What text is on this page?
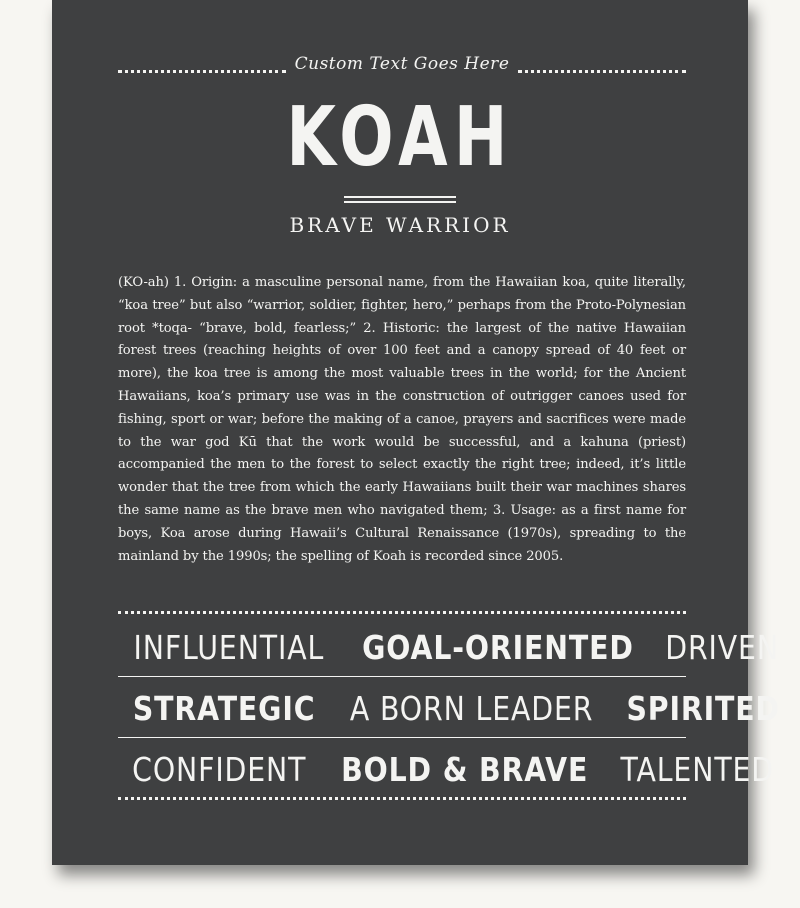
Custom Text Goes Here
KOAH
BRAVE WARRIOR
(KO-ah) 1. Origin: a masculine personal name, from the Hawaiian koa, quite literally, “koa tree” but also “warrior, soldier, fighter, hero,” perhaps from the Proto-Polynesian root *toqa- “brave, bold, fearless;” 2. Historic: the largest of the native Hawaiian forest trees (reaching heights of over 100 feet and a canopy spread of 40 feet or more), the koa tree is among the most valuable trees in the world; for the Ancient Hawaiians, koa’s primary use was in the construction of outrigger canoes used for fishing, sport or war; before the making of a canoe, prayers and sacrifices were made to the war god Kū that the work would be successful, and a kahuna (priest) accompanied the men to the forest to select exactly the right tree; indeed, it’s little wonder that the tree from which the early Hawaiians built their war machines shares the same name as the brave men who navigated them; 3. Usage: as a first name for boys, Koa arose during Hawaii’s Cultural Renaissance (1970s), spreading to the mainland by the 1990s; the spelling of Koah is recorded since 2005.
INFLUENTIAL GOAL-ORIENTED DRIVEN
STRATEGIC A BORN LEADER SPIRITED
CONFIDENT BOLD & BRAVE TALENTED
